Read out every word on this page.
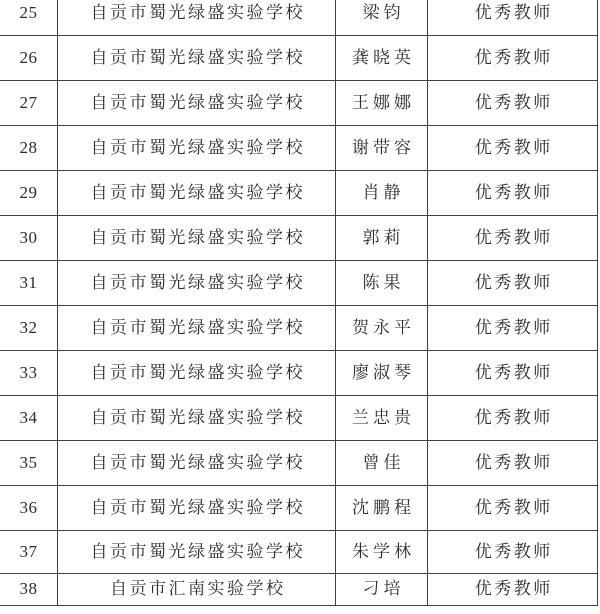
25	自贡市蜀光绿盛实验学校	梁钧	优秀教师
26	自贡市蜀光绿盛实验学校	龚晓英	优秀教师
27	自贡市蜀光绿盛实验学校	王娜娜	优秀教师
28	自贡市蜀光绿盛实验学校	谢带容	优秀教师
29	自贡市蜀光绿盛实验学校	肖静	优秀教师
30	自贡市蜀光绿盛实验学校	郭莉	优秀教师
31	自贡市蜀光绿盛实验学校	陈果	优秀教师
32	自贡市蜀光绿盛实验学校	贺永平	优秀教师
33	自贡市蜀光绿盛实验学校	廖淑琴	优秀教师
34	自贡市蜀光绿盛实验学校	兰忠贵	优秀教师
35	自贡市蜀光绿盛实验学校	曾佳	优秀教师
36	自贡市蜀光绿盛实验学校	沈鹏程	优秀教师
37	自贡市蜀光绿盛实验学校	朱学林	优秀教师
38	自贡市汇南实验学校	刁培	优秀教师
